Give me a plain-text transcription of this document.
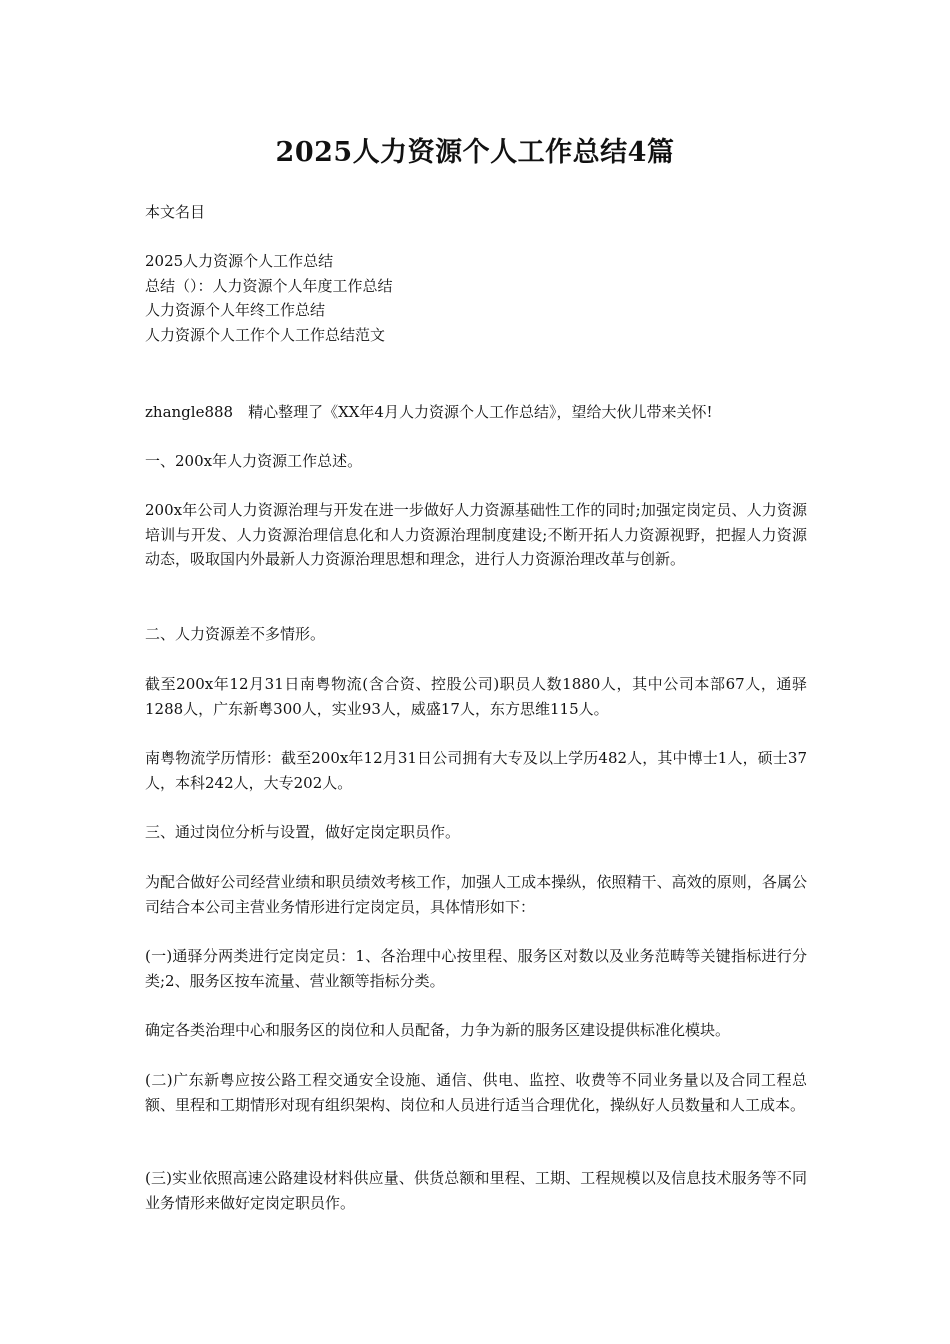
2025人力资源个人工作总结4篇
本文名目
2025人力资源个人工作总结
总结（）：人力资源个人年度工作总结
人力资源个人年终工作总结
人力资源个人工作个人工作总结范文
zhangle888　精心整理了《XX年4月人力资源个人工作总结》，望给大伙儿带来关怀!
一、200x年人力资源工作总述。
200x年公司人力资源治理与开发在进一步做好人力资源基础性工作的同时;加强定岗定员、人力资源培训与开发、人力资源治理信息化和人力资源治理制度建设;不断开拓人力资源视野，把握人力资源动态，吸取国内外最新人力资源治理思想和理念，进行人力资源治理改革与创新。
二、人力资源差不多情形。
截至200x年12月31日南粤物流(含合资、控股公司)职员人数1880人，其中公司本部67人，通驿1288人，广东新粤300人，实业93人，威盛17人，东方思维115人。
南粤物流学历情形：截至200x年12月31日公司拥有大专及以上学历482人，其中博士1人，硕士37人，本科242人，大专202人。
三、通过岗位分析与设置，做好定岗定职员作。
为配合做好公司经营业绩和职员绩效考核工作，加强人工成本操纵，依照精干、高效的原则，各属公司结合本公司主营业务情形进行定岗定员，具体情形如下：
(一)通驿分两类进行定岗定员：1、各治理中心按里程、服务区对数以及业务范畴等关键指标进行分类;2、服务区按车流量、营业额等指标分类。
确定各类治理中心和服务区的岗位和人员配备，力争为新的服务区建设提供标准化模块。
(二)广东新粤应按公路工程交通安全设施、通信、供电、监控、收费等不同业务量以及合同工程总额、里程和工期情形对现有组织架构、岗位和人员进行适当合理优化，操纵好人员数量和人工成本。
(三)实业依照高速公路建设材料供应量、供货总额和里程、工期、工程规模以及信息技术服务等不同业务情形来做好定岗定职员作。
